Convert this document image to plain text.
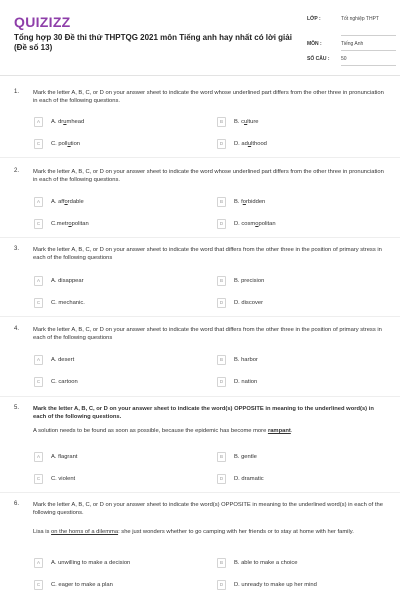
QUIZIZZ
Tổng hợp 30 Đề thi thử THPTQG 2021 môn Tiếng anh hay nhất có lời giải (Đề số 13)
LỚP :	Tốt nghiệp THPT
MÔN :	Tiếng Anh
SỐ CÂU : 50
1. Mark the letter A, B, C, or D on your answer sheet to indicate the word whose underlined part differs from the other three in pronunciation in each of the following questions.
A	A. drumhead	B	B. culture
C	C. pollution	D	D. adulthood
2. Mark the letter A, B, C, or D on your answer sheet to indicate the word whose underlined part differs from the other three in pronunciation in each of the following questions.
A	A. affordable	B	B. forbidden
C	C.metropolitan	D	D. cosmopolitan
3. Mark the letter A, B, C, or D on your answer sheet to indicate the word that differs from the other three in the position of primary stress in each of the following questions
A	A. disappear	B	B. precision
C	C. mechanic.	D	D. discover
4. Mark the letter A, B, C, or D on your answer sheet to indicate the word that differs from the other three in the position of primary stress in each of the following questions
A	A. desert	B	B. harbor
C	C. cartoon	D	D. nation
5. Mark the letter A, B, C, or D on your answer sheet to indicate the word(s) OPPOSITE in meaning to the underlined word(s) in each of the following questions.
A solution needs to be found as soon as possible, because the epidemic has become more rampant.
A	A. flagrant	B	B. gentle
C	C. violent	D	D. dramatic
6. Mark the letter A, B, C, or D on your answer sheet to indicate the word(s) OPPOSITE in meaning to the underlined word(s) in each of the following questions.
Lisa is on the horns of a dilemma: she just wonders whether to go camping with her friends or to stay at home with her family.
A	A. unwilling to make a decision	B	B. able to make a choice
C	C. eager to make a plan	D	D. unready to make up her mind
